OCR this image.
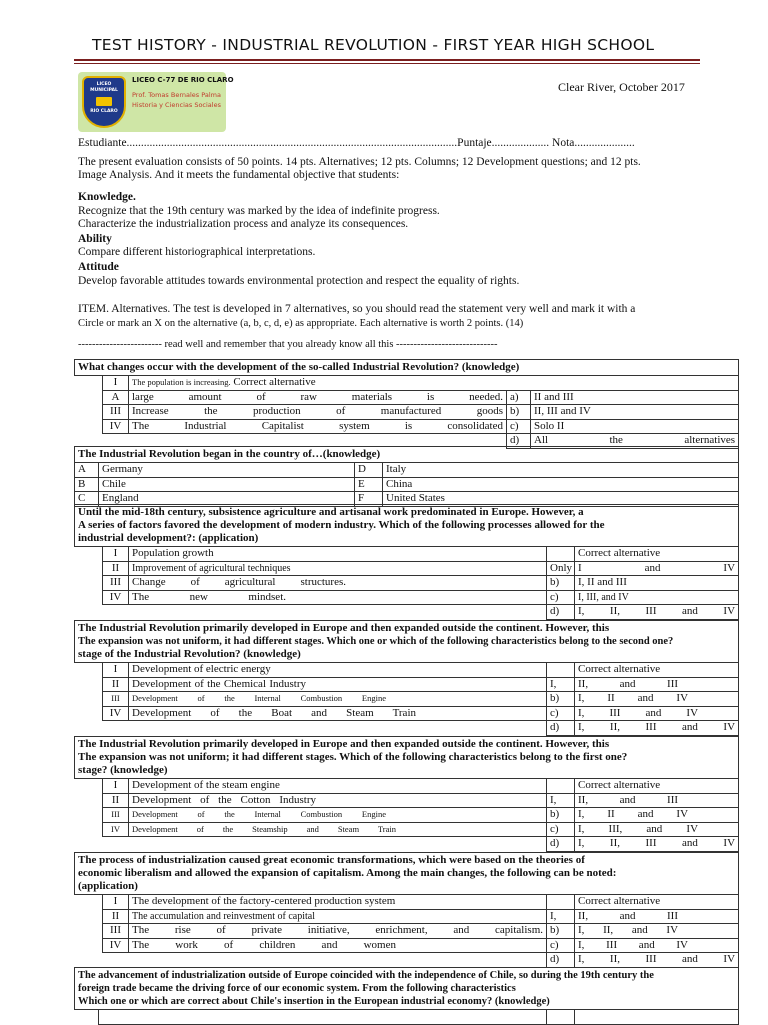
TEST HISTORY - INDUSTRIAL REVOLUTION - FIRST YEAR HIGH SCHOOL
LICEO MUNICIPAL
RIO CLARO
LICEO C-77 DE RIO CLARO
Prof. Tomas Bernales Palma
Historia y Ciencias Sociales
Clear River, October 2017
Estudiante...................................................................................................................Puntaje.................... Nota.....................
The present evaluation consists of 50 points. 14 pts. Alternatives; 12 pts. Columns; 12 Development questions; and 12 pts.
Image Analysis. And it meets the fundamental objective that students:
Knowledge.
Recognize that the 19th century was marked by the idea of indefinite progress.
Characterize the industrialization process and analyze its consequences.
Ability
Compare different historiographical interpretations.
Attitude
Develop favorable attitudes towards environmental protection and respect the equality of rights.
ITEM. Alternatives. The test is developed in 7 alternatives, so you should read the statement very well and mark it with a
Circle or mark an X on the alternative (a, b, c, d, e) as appropriate. Each alternative is worth 2 points. (14)
------------------------ read well and remember that you already know all this -----------------------------
What changes occur with the development of the so-called Industrial Revolution? (knowledge)				
	I	The population is increasing. Correct alternative		
	A	large amount of raw materials is needed.	a)	II and III
	III	Increase the production of manufactured goods	b)	II, III and IV
	IV	The Industrial Capitalist system is consolidated	c)	Solo II
			d)	All the alternatives
The Industrial Revolution began in the country of…(knowledge)			
A	Germany	D	Italy
B	Chile	E	China
C	England	F	United States
Until the mid-18th century, subsistence agriculture and artisanal work predominated in Europe. However, a
A series of factors favored the development of modern industry. Which of the following processes allowed for the
industrial development?: (application)				

	I	Population growth		Correct alternative
	II	Improvement of agricultural techniques	Only	I and IV
	III	Change of agricultural structures.	b)	I, II and III
	IV	The new mindset.	c)	I, III, and IV
			d)	I, II, III and IV
The Industrial Revolution primarily developed in Europe and then expanded outside the continent. However, this
The expansion was not uniform, it had different stages. Which one or which of the following characteristics belong to the second one?
stage of the Industrial Revolution? (knowledge)				

	I	Development of electric energy		Correct alternative
	II	Development of the Chemical Industry	I,	II, and III
	III	Development of the Internal Combustion Engine	b)	I, II and IV
	IV	Development of the Boat and Steam Train	c)	I, III and IV
			d)	I, II, III and IV
The Industrial Revolution primarily developed in Europe and then expanded outside the continent. However, this
The expansion was not uniform; it had different stages. Which of the following characteristics belong to the first one?
stage? (knowledge)				

	I	Development of the steam engine		Correct alternative
	II	Development of the Cotton Industry	I,	II, and III
	III	Development of the Internal Combustion Engine	b)	I, II and IV
	IV	Development of the Steamship and Steam Train	c)	I, III, and IV
			d)	I, II, III and IV
The process of industrialization caused great economic transformations, which were based on the theories of
economic liberalism and allowed the expansion of capitalism. Among the main changes, the following can be noted:
(application)				

	I	The development of the factory-centered production system		Correct alternative
	II	The accumulation and reinvestment of capital	I,	II, and III
	III	The rise of private initiative, enrichment, and capitalism.	b)	I, II, and IV
	IV	The work of children and women	c)	I, III and IV
			d)	I, II, III and IV
The advancement of industrialization outside of Europe coincided with the independence of Chile, so during the 19th century the
foreign trade became the driving force of our economic system. From the following characteristics
Which one or which are correct about Chile's insertion in the European industrial economy? (knowledge)
